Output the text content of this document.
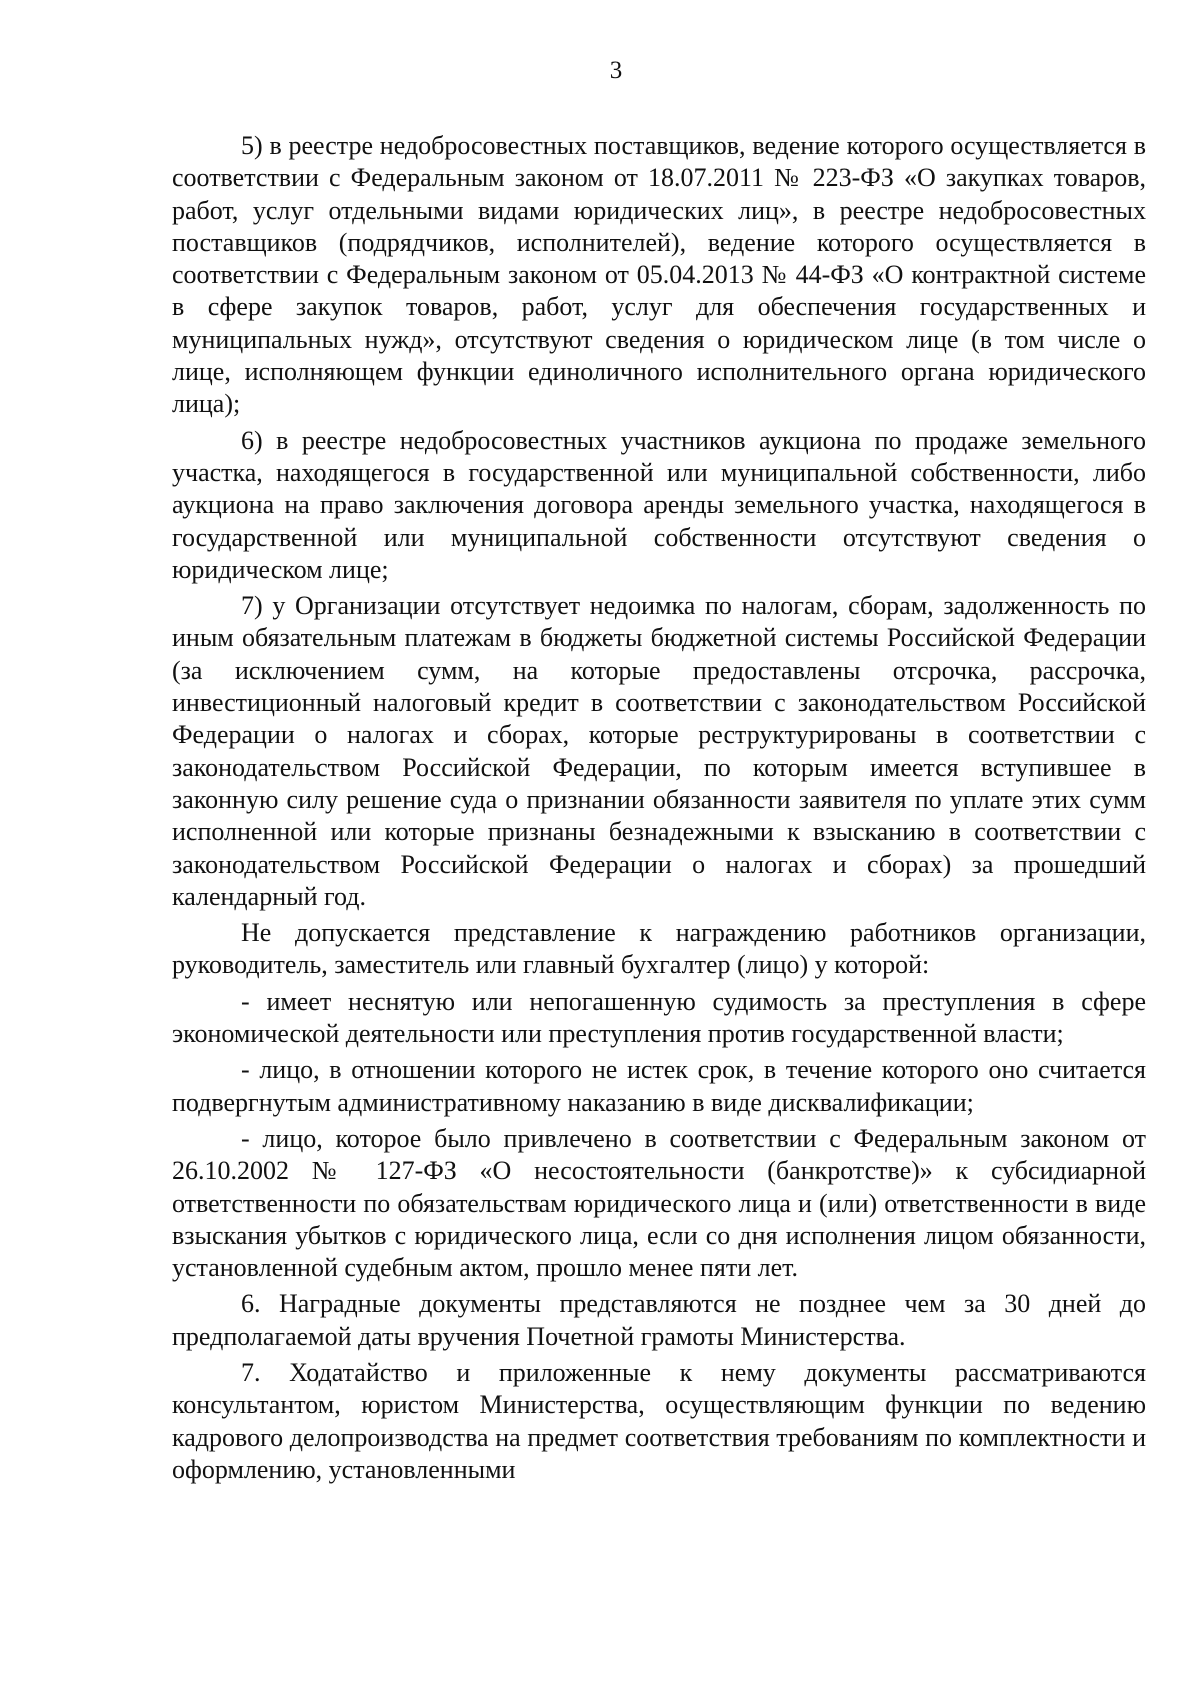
3

5) в реестре недобросовестных поставщиков, ведение которого осуществляется в соответствии с Федеральным законом от 18.07.2011 № 223-ФЗ «О закупках товаров, работ, услуг отдельными видами юридических лиц», в реестре недобросовестных поставщиков (подрядчиков, исполнителей), ведение которого осуществляется в соответствии с Федеральным законом от 05.04.2013 № 44-ФЗ «О контрактной системе в сфере закупок товаров, работ, услуг для обеспечения государственных и муниципальных нужд», отсутствуют сведения о юридическом лице (в том числе о лице, исполняющем функции единоличного исполнительного органа юридического лица);

6) в реестре недобросовестных участников аукциона по продаже земельного участка, находящегося в государственной или муниципальной собственности, либо аукциона на право заключения договора аренды земельного участка, находящегося в государственной или муниципальной собственности отсутствуют сведения о юридическом лице;

7) у Организации отсутствует недоимка по налогам, сборам, задолженность по иным обязательным платежам в бюджеты бюджетной системы Российской Федерации (за исключением сумм, на которые предоставлены отсрочка, рассрочка, инвестиционный налоговый кредит в соответствии с законодательством Российской Федерации о налогах и сборах, которые реструктурированы в соответствии с законодательством Российской Федерации, по которым имеется вступившее в законную силу решение суда о признании обязанности заявителя по уплате этих сумм исполненной или которые признаны безнадежными к взысканию в соответствии с законодательством Российской Федерации о налогах и сборах) за прошедший календарный год.

Не допускается представление к награждению работников организации, руководитель, заместитель или главный бухгалтер (лицо) у которой:

- имеет неснятую или непогашенную судимость за преступления в сфере экономической деятельности или преступления против государственной власти;

- лицо, в отношении которого не истек срок, в течение которого оно считается подвергнутым административному наказанию в виде дисквалификации;

- лицо, которое было привлечено в соответствии с Федеральным законом от 26.10.2002 № 127-ФЗ «О несостоятельности (банкротстве)» к субсидиарной ответственности по обязательствам юридического лица и (или) ответственности в виде взыскания убытков с юридического лица, если со дня исполнения лицом обязанности, установленной судебным актом, прошло менее пяти лет.

6. Наградные документы представляются не позднее чем за 30 дней до предполагаемой даты вручения Почетной грамоты Министерства.

7. Ходатайство и приложенные к нему документы рассматриваются консультантом, юристом Министерства, осуществляющим функции по ведению кадрового делопроизводства на предмет соответствия требованиям по комплектности и оформлению, установленными
